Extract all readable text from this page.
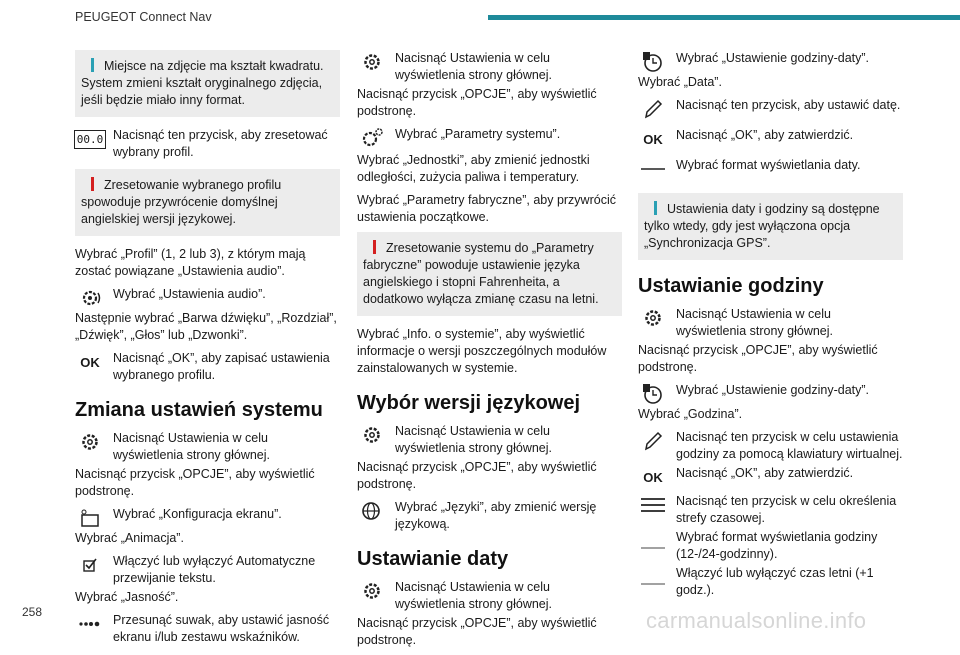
PEUGEOT Connect Nav
Miejsce na zdjęcie ma kształt kwadratu. System zmieni kształt oryginalnego zdjęcia, jeśli będzie miało inny format.
00.0 Nacisnąć ten przycisk, aby zresetować wybrany profil.
Zresetowanie wybranego profilu spowoduje przywrócenie domyślnej angielskiej wersji językowej.

Wybrać „Profil” (1, 2 lub 3), z którym mają zostać powiązane „Ustawienia audio”.

Wybrać „Ustawienia audio”.

Następnie wybrać „Barwa dźwięku”, „Rozdział”, „Dźwięk”, „Głos” lub „Dzwonki”.

OK Nacisnąć „OK”, aby zapisać ustawienia wybranego profilu.
Zmiana ustawień systemu
Nacisnąć Ustawienia w celu wyświetlenia strony głównej.

Nacisnąć przycisk „OPCJE”, aby wyświetlić podstronę.

Wybrać „Konfiguracja ekranu”.

Wybrać „Animacja”.

Włączyć lub wyłączyć Automatyczne przewijanie tekstu.

Wybrać „Jasność”.

Przesunąć suwak, aby ustawić jasność ekranu i/lub zestawu wskaźników.
Nacisnąć Ustawienia w celu wyświetlenia strony głównej.

Nacisnąć przycisk „OPCJE”, aby wyświetlić podstronę.

Wybrać „Parametry systemu”.

Wybrać „Jednostki”, aby zmienić jednostki odległości, zużycia paliwa i temperatury.

Wybrać „Parametry fabryczne”, aby przywrócić ustawienia początkowe.

Zresetowanie systemu do „Parametry fabryczne” powoduje ustawienie języka angielskiego i stopni Fahrenheita, a dodatkowo wyłącza zmianę czasu na letni.

Wybrać „Info. o systemie”, aby wyświetlić informacje o wersji poszczególnych modułów zainstalowanych w systemie.

Wybór wersji językowej
Nacisnąć Ustawienia w celu wyświetlenia strony głównej.

Nacisnąć przycisk „OPCJE”, aby wyświetlić podstronę.

Wybrać „Języki”, aby zmienić wersję językową.
Ustawianie daty
Nacisnąć Ustawienia w celu wyświetlenia strony głównej.

Nacisnąć przycisk „OPCJE”, aby wyświetlić podstronę.

Wybrać „Ustawienie godziny-daty”.

Wybrać „Data”.

Nacisnąć ten przycisk, aby ustawić datę.
OK Nacisnąć „OK”, aby zatwierdzić.
Wybrać format wyświetlania daty.
Ustawienia daty i godziny są dostępne tylko wtedy, gdy jest wyłączona opcja „Synchronizacja GPS”.
Ustawianie godziny
Nacisnąć Ustawienia w celu wyświetlenia strony głównej.

Nacisnąć przycisk „OPCJE”, aby wyświetlić podstronę.

Wybrać „Ustawienie godziny-daty”.

Wybrać „Godzina”.

Nacisnąć ten przycisk w celu ustawienia godziny za pomocą klawiatury wirtualnej.
OK Nacisnąć „OK”, aby zatwierdzić.
Nacisnąć ten przycisk w celu określenia strefy czasowej.
Wybrać format wyświetlania godziny (12-/24-godzinny).
Włączyć lub wyłączyć czas letni (+1 godz.).
258	carmanualsonline.info
